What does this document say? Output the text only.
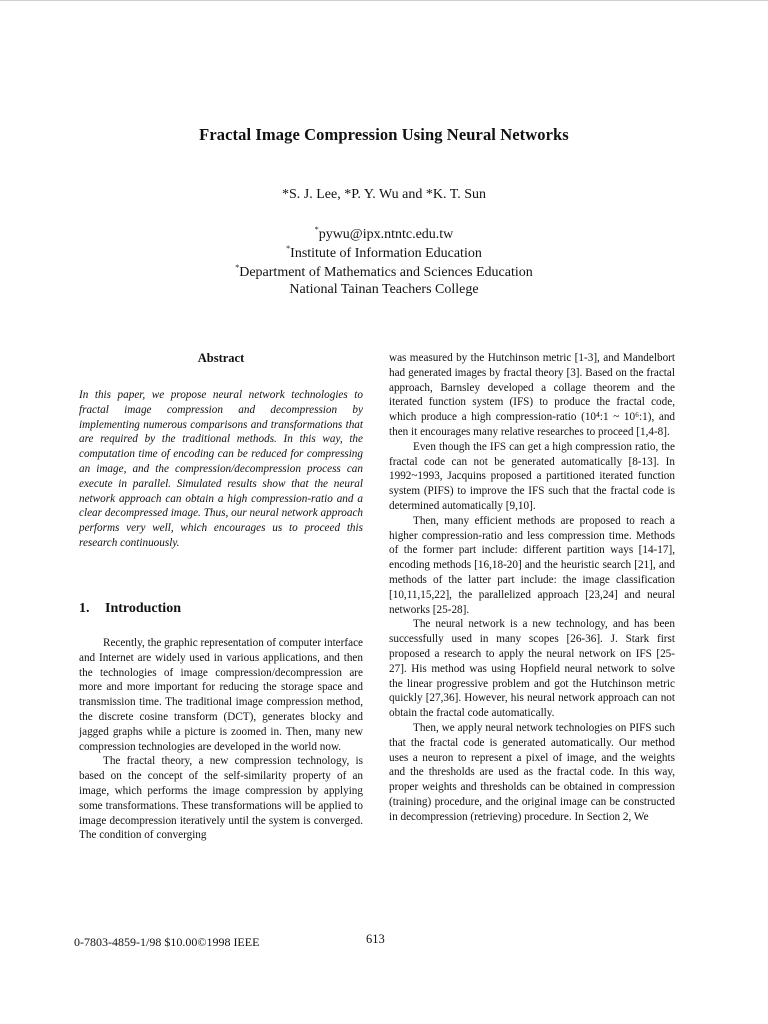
Fractal Image Compression Using Neural Networks
*S. J. Lee, *P. Y. Wu and *K. T. Sun
*pywu@ipx.ntntc.edu.tw
*Institute of Information Education
*Department of Mathematics and Sciences Education
National Tainan Teachers College
Abstract
In this paper, we propose neural network technologies to fractal image compression and decompression by implementing numerous comparisons and transformations that are required by the traditional methods. In this way, the computation time of encoding can be reduced for compressing an image, and the compression/decompression process can execute in parallel. Simulated results show that the neural network approach can obtain a high compression-ratio and a clear decompressed image. Thus, our neural network approach performs very well, which encourages us to proceed this research continuously.
1. Introduction

Recently, the graphic representation of computer interface and Internet are widely used in various applications, and then the technologies of image compression/decompression are more and more important for reducing the storage space and transmission time. The traditional image compression method, the discrete cosine transform (DCT), generates blocky and jagged graphs while a picture is zoomed in. Then, many new compression technologies are developed in the world now.

The fractal theory, a new compression technology, is based on the concept of the self-similarity property of an image, which performs the image compression by applying some transformations. These transformations will be applied to image decompression iteratively until the system is converged. The condition of converging

was measured by the Hutchinson metric [1-3], and Mandelbort had generated images by fractal theory [3]. Based on the fractal approach, Barnsley developed a collage theorem and the iterated function system (IFS) to produce the fractal code, which produce a high compression-ratio (10⁴:1 ~ 10⁶:1), and then it encourages many relative researches to proceed [1,4-8].

Even though the IFS can get a high compression ratio, the fractal code can not be generated automatically [8-13]. In 1992~1993, Jacquins proposed a partitioned iterated function system (PIFS) to improve the IFS such that the fractal code is determined automatically [9,10].

Then, many efficient methods are proposed to reach a higher compression-ratio and less compression time. Methods of the former part include: different partition ways [14-17], encoding methods [16,18-20] and the heuristic search [21], and methods of the latter part include: the image classification [10,11,15,22], the parallelized approach [23,24] and neural networks [25-28].

The neural network is a new technology, and has been successfully used in many scopes [26-36]. J. Stark first proposed a research to apply the neural network on IFS [25-27]. His method was using Hopfield neural network to solve the linear progressive problem and got the Hutchinson metric quickly [27,36]. However, his neural network approach can not obtain the fractal code automatically.

Then, we apply neural network technologies on PIFS such that the fractal code is generated automatically. Our method uses a neuron to represent a pixel of image, and the weights and the thresholds are used as the fractal code. In this way, proper weights and thresholds can be obtained in compression (training) procedure, and the original image can be constructed in decompression (retrieving) procedure. In Section 2, We

0-7803-4859-1/98 $10.00©1998 IEEE	613
